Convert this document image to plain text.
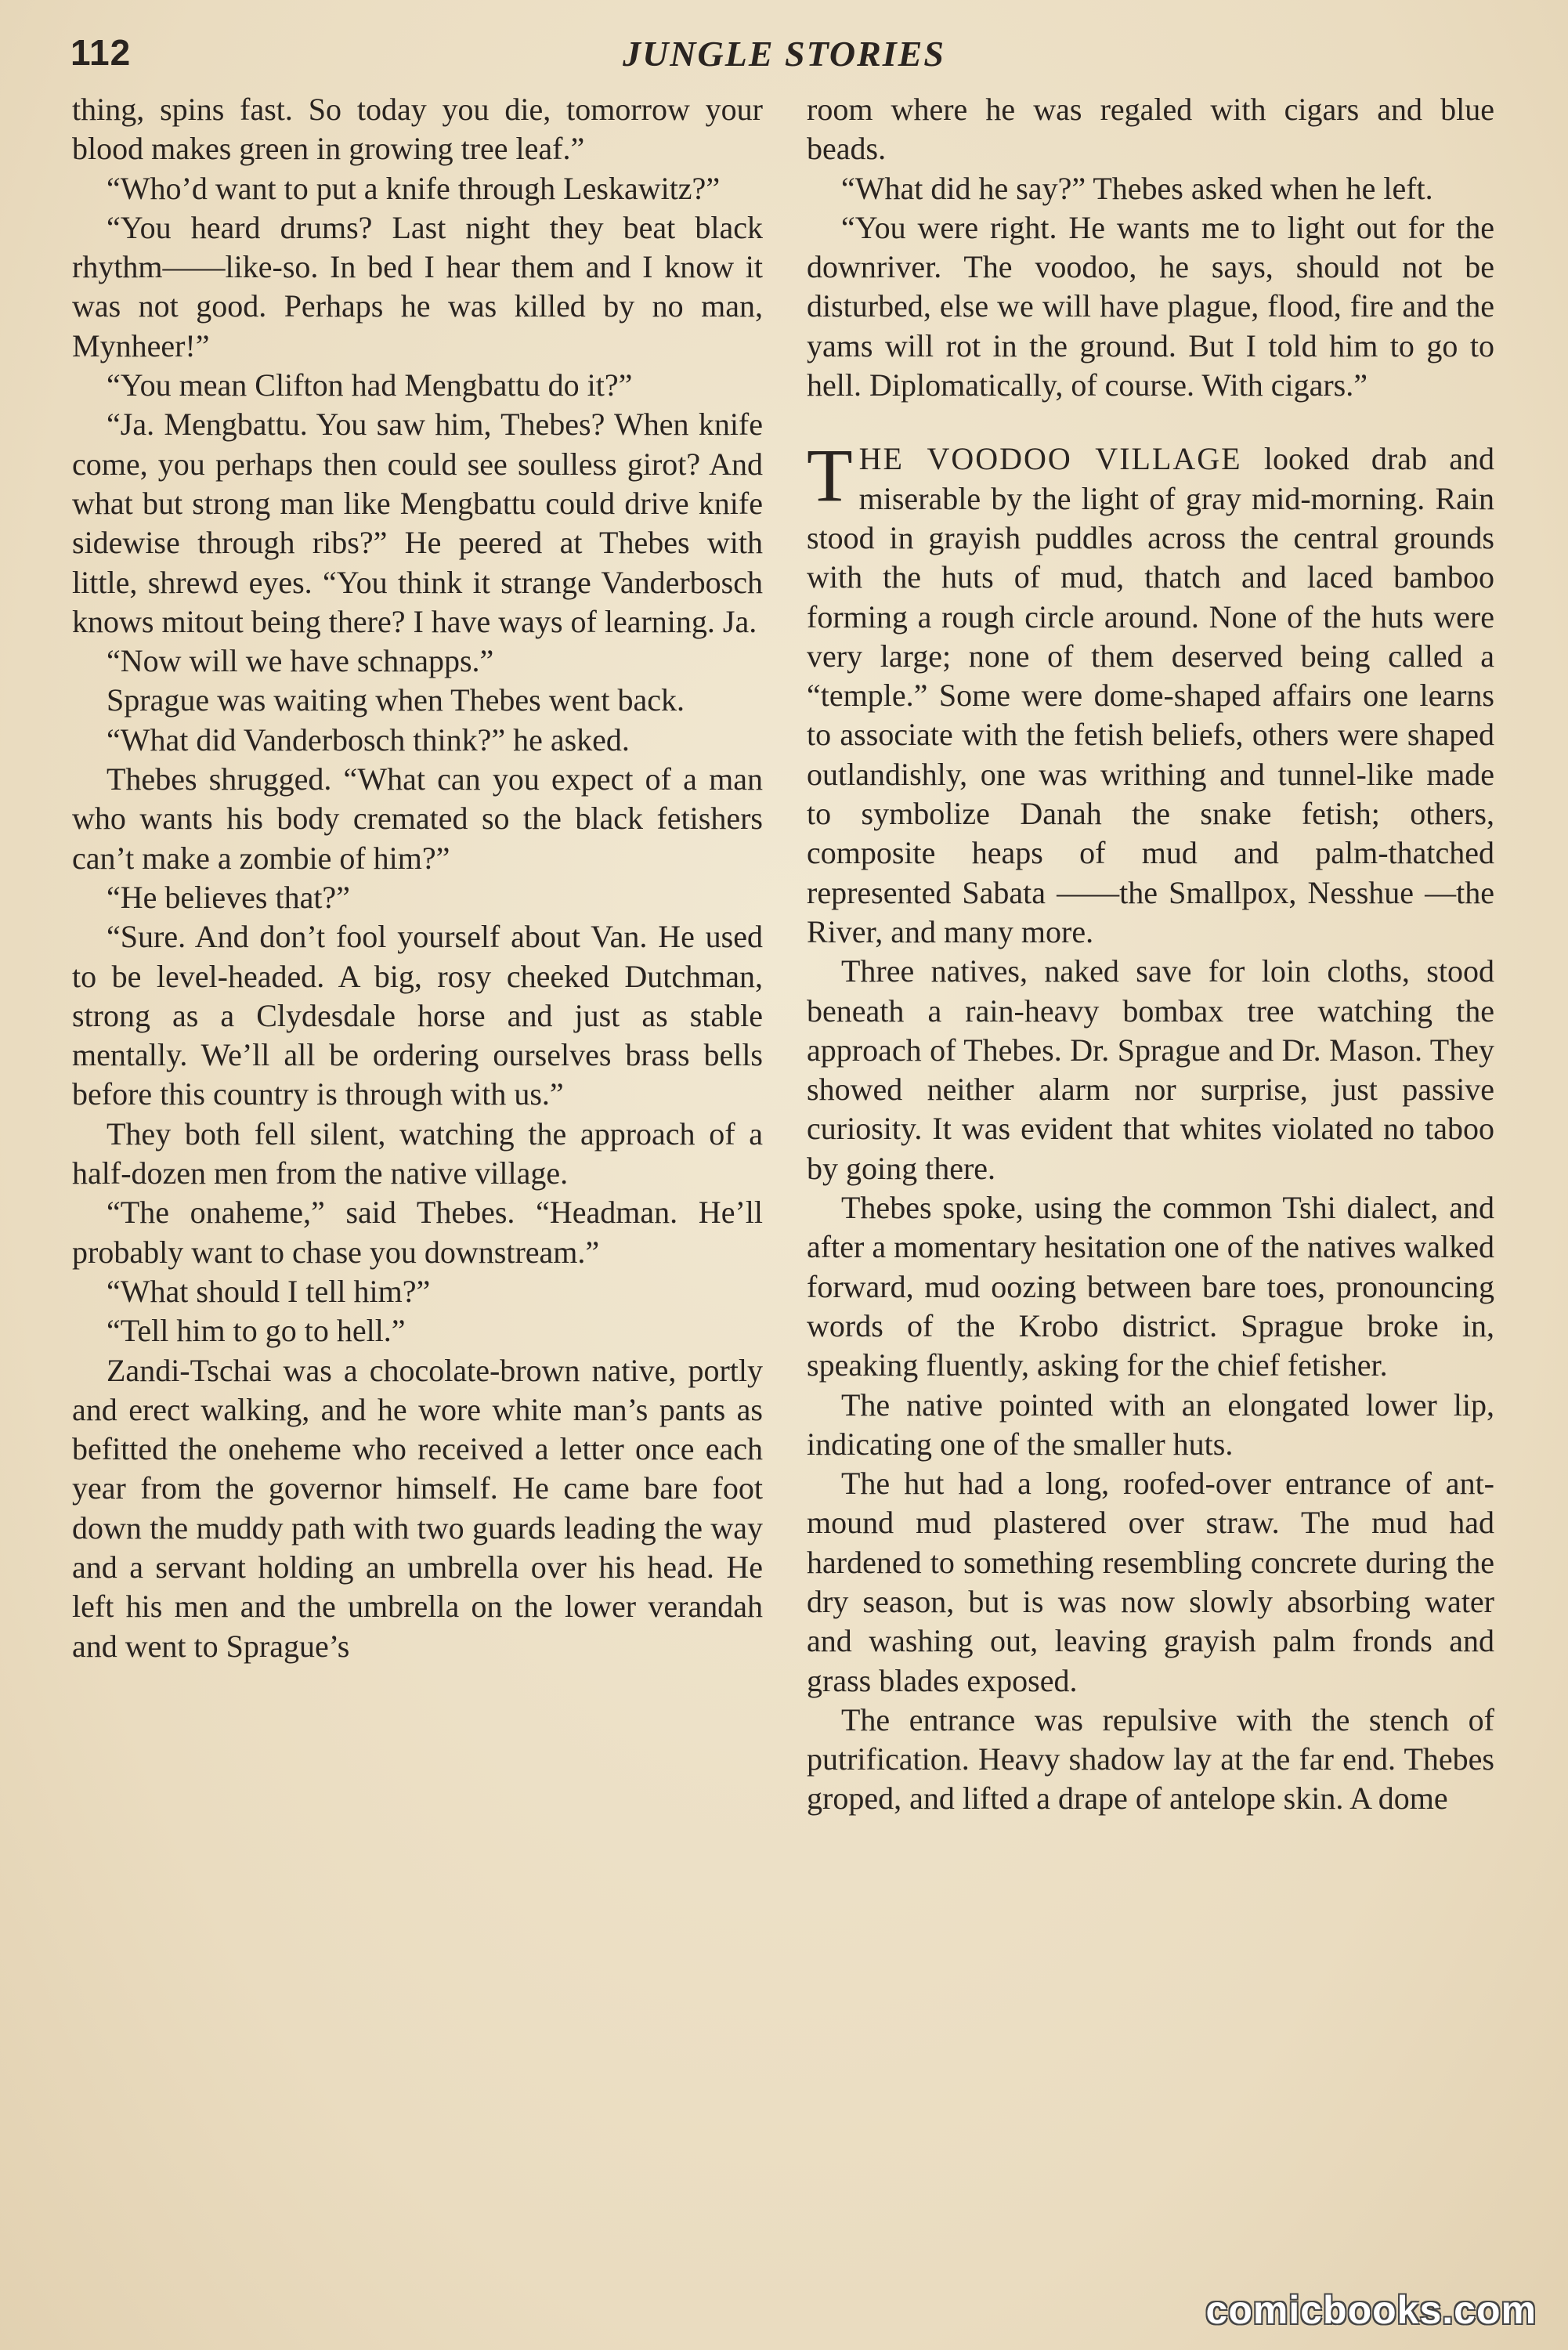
112	JUNGLE STORIES

thing, spins fast. So today you die, tomorrow your blood makes green in growing tree leaf.”

“Who’d want to put a knife through Leskawitz?”

“You heard drums? Last night they beat black rhythm——like-so. In bed I hear them and I know it was not good. Perhaps he was killed by no man, Mynheer!”

“You mean Clifton had Mengbattu do it?”

“Ja. Mengbattu. You saw him, Thebes? When knife come, you perhaps then could see soulless girot? And what but strong man like Mengbattu could drive knife sidewise through ribs?” He peered at Thebes with little, shrewd eyes. “You think it strange Vanderbosch knows mitout being there? I have ways of learning. Ja.

“Now will we have schnapps.”

Sprague was waiting when Thebes went back.

“What did Vanderbosch think?” he asked.

Thebes shrugged. “What can you expect of a man who wants his body cremated so the black fetishers can’t make a zombie of him?”

“He believes that?”

“Sure. And don’t fool yourself about Van. He used to be level-headed. A big, rosy cheeked Dutchman, strong as a Clydesdale horse and just as stable mentally. We’ll all be ordering ourselves brass bells before this country is through with us.”

They both fell silent, watching the approach of a half-dozen men from the native village.

“The onaheme,” said Thebes. “Headman. He’ll probably want to chase you downstream.”

“What should I tell him?”

“Tell him to go to hell.”

Zandi-Tschai was a chocolate-brown native, portly and erect walking, and he wore white man’s pants as befitted the oneheme who received a letter once each year from the governor himself. He came bare foot down the muddy path with two guards leading the way and a servant holding an umbrella over his head. He left his men and the umbrella on the lower verandah and went to Sprague’s

room where he was regaled with cigars and blue beads.

“What did he say?” Thebes asked when he left.

“You were right. He wants me to light out for the downriver. The voodoo, he says, should not be disturbed, else we will have plague, flood, fire and the yams will rot in the ground. But I told him to go to hell. Diplomatically, of course. With cigars.”

THE VOODOO VILLAGE looked drab and miserable by the light of gray mid-morning. Rain stood in grayish puddles across the central grounds with the huts of mud, thatch and laced bamboo forming a rough circle around. None of the huts were very large; none of them deserved being called a “temple.” Some were dome-shaped affairs one learns to associate with the fetish beliefs, others were shaped outlandishly, one was writhing and tunnel-like made to symbolize Danah the snake fetish; others, composite heaps of mud and palm-thatched represented Sabata ——the Smallpox, Nesshue —the River, and many more.

Three natives, naked save for loin cloths, stood beneath a rain-heavy bombax tree watching the approach of Thebes. Dr. Sprague and Dr. Mason. They showed neither alarm nor surprise, just passive curiosity. It was evident that whites violated no taboo by going there.

Thebes spoke, using the common Tshi dialect, and after a momentary hesitation one of the natives walked forward, mud oozing between bare toes, pronouncing words of the Krobo district. Sprague broke in, speaking fluently, asking for the chief fetisher.

The native pointed with an elongated lower lip, indicating one of the smaller huts.

The hut had a long, roofed-over entrance of ant-mound mud plastered over straw. The mud had hardened to something resembling concrete during the dry season, but is was now slowly absorbing water and washing out, leaving grayish palm fronds and grass blades exposed.

The entrance was repulsive with the stench of putrification. Heavy shadow lay at the far end. Thebes groped, and lifted a drape of antelope skin. A dome

comicbooks.com
